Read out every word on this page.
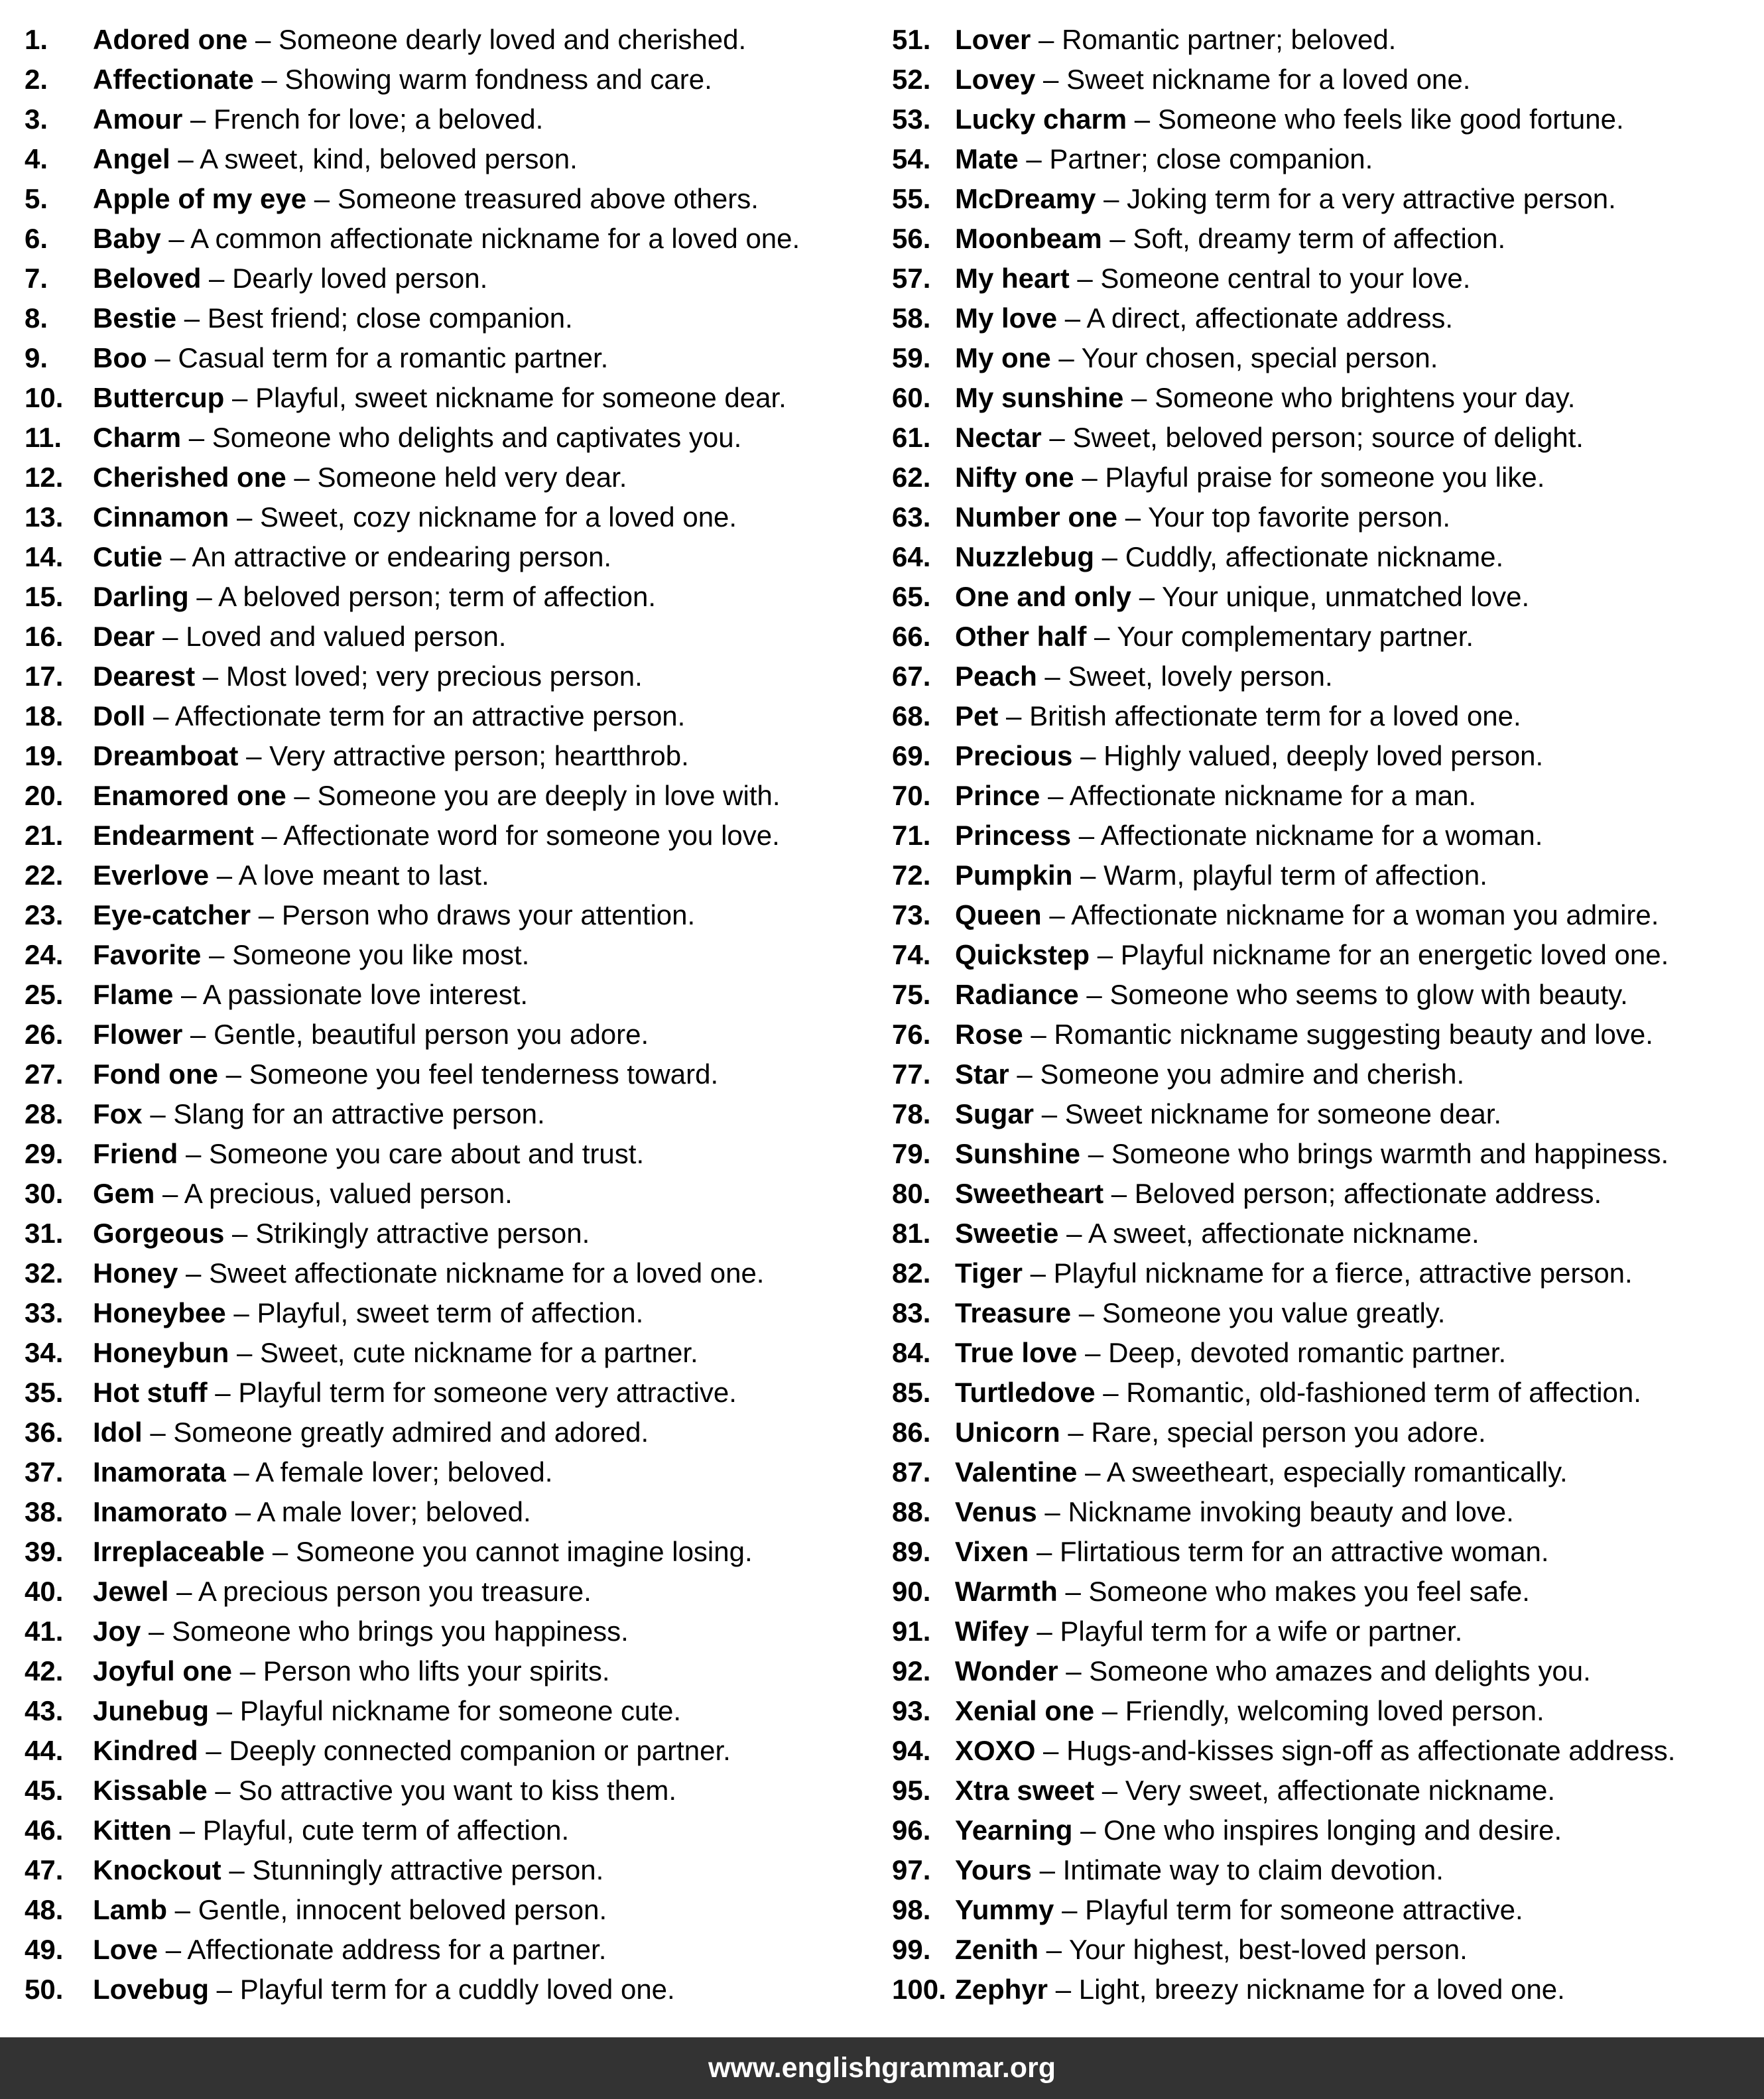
1.	Adored one – Someone dearly loved and cherished.
2.	Affectionate – Showing warm fondness and care.
3.	Amour – French for love; a beloved.
4.	Angel – A sweet, kind, beloved person.
5.	Apple of my eye – Someone treasured above others.
6.	Baby – A common affectionate nickname for a loved one.
7.	Beloved – Dearly loved person.
8.	Bestie – Best friend; close companion.
9.	Boo – Casual term for a romantic partner.
10.	Buttercup – Playful, sweet nickname for someone dear.
11.	Charm – Someone who delights and captivates you.
12.	Cherished one – Someone held very dear.
13.	Cinnamon – Sweet, cozy nickname for a loved one.
14.	Cutie – An attractive or endearing person.
15.	Darling – A beloved person; term of affection.
16.	Dear – Loved and valued person.
17.	Dearest – Most loved; very precious person.
18.	Doll – Affectionate term for an attractive person.
19.	Dreamboat – Very attractive person; heartthrob.
20.	Enamored one – Someone you are deeply in love with.
21.	Endearment – Affectionate word for someone you love.
22.	Everlove – A love meant to last.
23.	Eye-catcher – Person who draws your attention.
24.	Favorite – Someone you like most.
25.	Flame – A passionate love interest.
26.	Flower – Gentle, beautiful person you adore.
27.	Fond one – Someone you feel tenderness toward.
28.	Fox – Slang for an attractive person.
29.	Friend – Someone you care about and trust.
30.	Gem – A precious, valued person.
31.	Gorgeous – Strikingly attractive person.
32.	Honey – Sweet affectionate nickname for a loved one.
33.	Honeybee – Playful, sweet term of affection.
34.	Honeybun – Sweet, cute nickname for a partner.
35.	Hot stuff – Playful term for someone very attractive.
36.	Idol – Someone greatly admired and adored.
37.	Inamorata – A female lover; beloved.
38.	Inamorato – A male lover; beloved.
39.	Irreplaceable – Someone you cannot imagine losing.
40.	Jewel – A precious person you treasure.
41.	Joy – Someone who brings you happiness.
42.	Joyful one – Person who lifts your spirits.
43.	Junebug – Playful nickname for someone cute.
44.	Kindred – Deeply connected companion or partner.
45.	Kissable – So attractive you want to kiss them.
46.	Kitten – Playful, cute term of affection.
47.	Knockout – Stunningly attractive person.
48.	Lamb – Gentle, innocent beloved person.
49.	Love – Affectionate address for a partner.
50.	Lovebug – Playful term for a cuddly loved one.
51. Lover – Romantic partner; beloved.
52. Lovey – Sweet nickname for a loved one.
53. Lucky charm – Someone who feels like good fortune.
54. Mate – Partner; close companion.
55. McDreamy – Joking term for a very attractive person.
56. Moonbeam – Soft, dreamy term of affection.
57. My heart – Someone central to your love.
58. My love – A direct, affectionate address.
59. My one – Your chosen, special person.
60. My sunshine – Someone who brightens your day.
61. Nectar – Sweet, beloved person; source of delight.
62. Nifty one – Playful praise for someone you like.
63. Number one – Your top favorite person.
64. Nuzzlebug – Cuddly, affectionate nickname.
65. One and only – Your unique, unmatched love.
66. Other half – Your complementary partner.
67. Peach – Sweet, lovely person.
68. Pet – British affectionate term for a loved one.
69. Precious – Highly valued, deeply loved person.
70. Prince – Affectionate nickname for a man.
71. Princess – Affectionate nickname for a woman.
72. Pumpkin – Warm, playful term of affection.
73. Queen – Affectionate nickname for a woman you admire.
74. Quickstep – Playful nickname for an energetic loved one.
75. Radiance – Someone who seems to glow with beauty.
76. Rose – Romantic nickname suggesting beauty and love.
77. Star – Someone you admire and cherish.
78. Sugar – Sweet nickname for someone dear.
79. Sunshine – Someone who brings warmth and happiness.
80. Sweetheart – Beloved person; affectionate address.
81. Sweetie – A sweet, affectionate nickname.
82. Tiger – Playful nickname for a fierce, attractive person.
83. Treasure – Someone you value greatly.
84. True love – Deep, devoted romantic partner.
85. Turtledove – Romantic, old-fashioned term of affection.
86. Unicorn – Rare, special person you adore.
87. Valentine – A sweetheart, especially romantically.
88. Venus – Nickname invoking beauty and love.
89. Vixen – Flirtatious term for an attractive woman.
90. Warmth – Someone who makes you feel safe.
91. Wifey – Playful term for a wife or partner.
92. Wonder – Someone who amazes and delights you.
93. Xenial one – Friendly, welcoming loved person.
94. XOXO – Hugs-and-kisses sign-off as affectionate address.
95. Xtra sweet – Very sweet, affectionate nickname.
96. Yearning – One who inspires longing and desire.
97. Yours – Intimate way to claim devotion.
98. Yummy – Playful term for someone attractive.
99. Zenith – Your highest, best-loved person.
100. Zephyr – Light, breezy nickname for a loved one.
www.englishgrammar.org
